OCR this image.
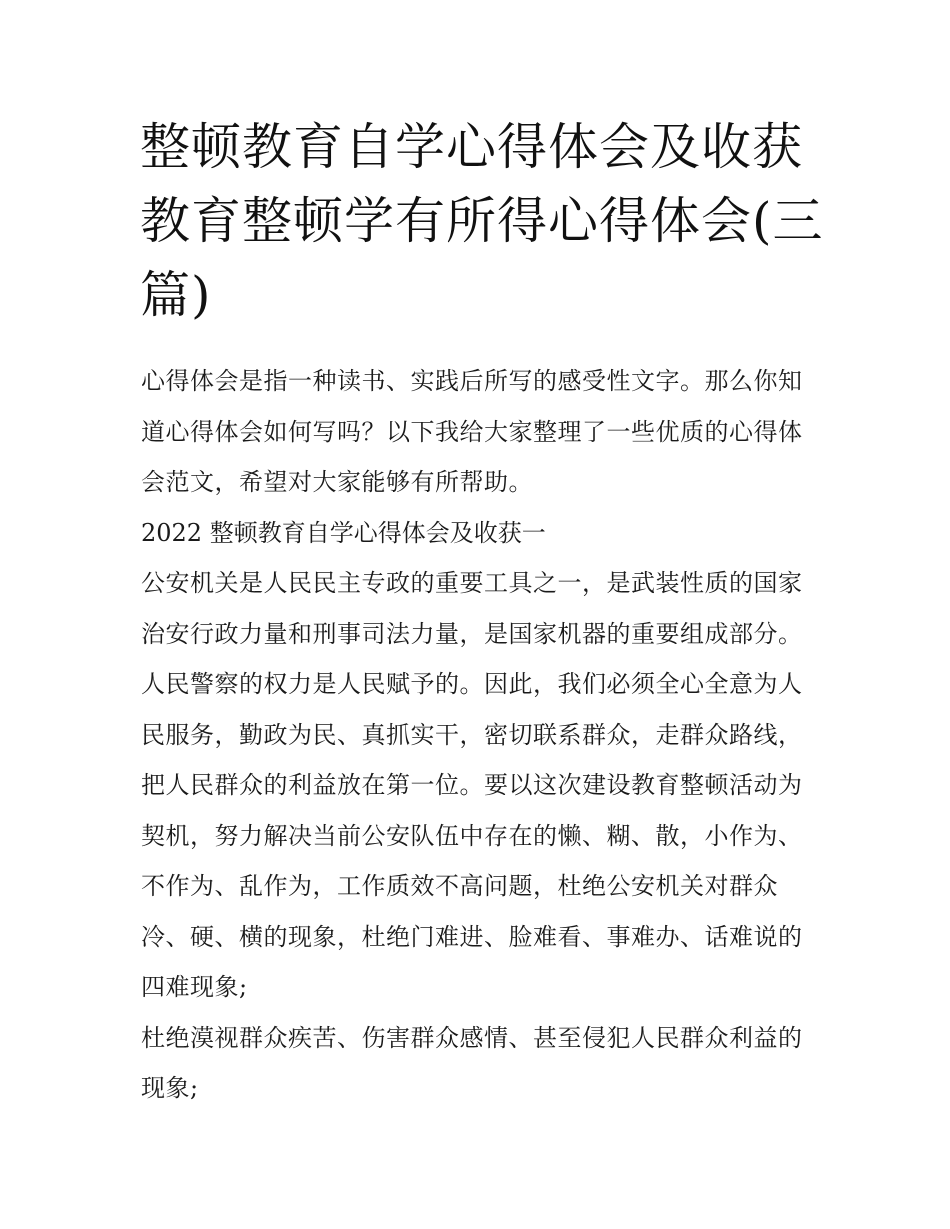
整顿教育自学心得体会及收获
教育整顿学有所得心得体会(三
篇)
心得体会是指一种读书、实践后所写的感受性文字。那么你知
道心得体会如何写吗？以下我给大家整理了一些优质的心得体
会范文，希望对大家能够有所帮助。
2022 整顿教育自学心得体会及收获一
公安机关是人民民主专政的重要工具之一，是武装性质的国家
治安行政力量和刑事司法力量，是国家机器的重要组成部分。
人民警察的权力是人民赋予的。因此，我们必须全心全意为人
民服务，勤政为民、真抓实干，密切联系群众，走群众路线，
把人民群众的利益放在第一位。要以这次建设教育整顿活动为
契机，努力解决当前公安队伍中存在的懒、糊、散，小作为、
不作为、乱作为，工作质效不高问题，杜绝公安机关对群众
冷、硬、横的现象，杜绝门难进、脸难看、事难办、话难说的
四难现象;
杜绝漠视群众疾苦、伤害群众感情、甚至侵犯人民群众利益的
现象;
